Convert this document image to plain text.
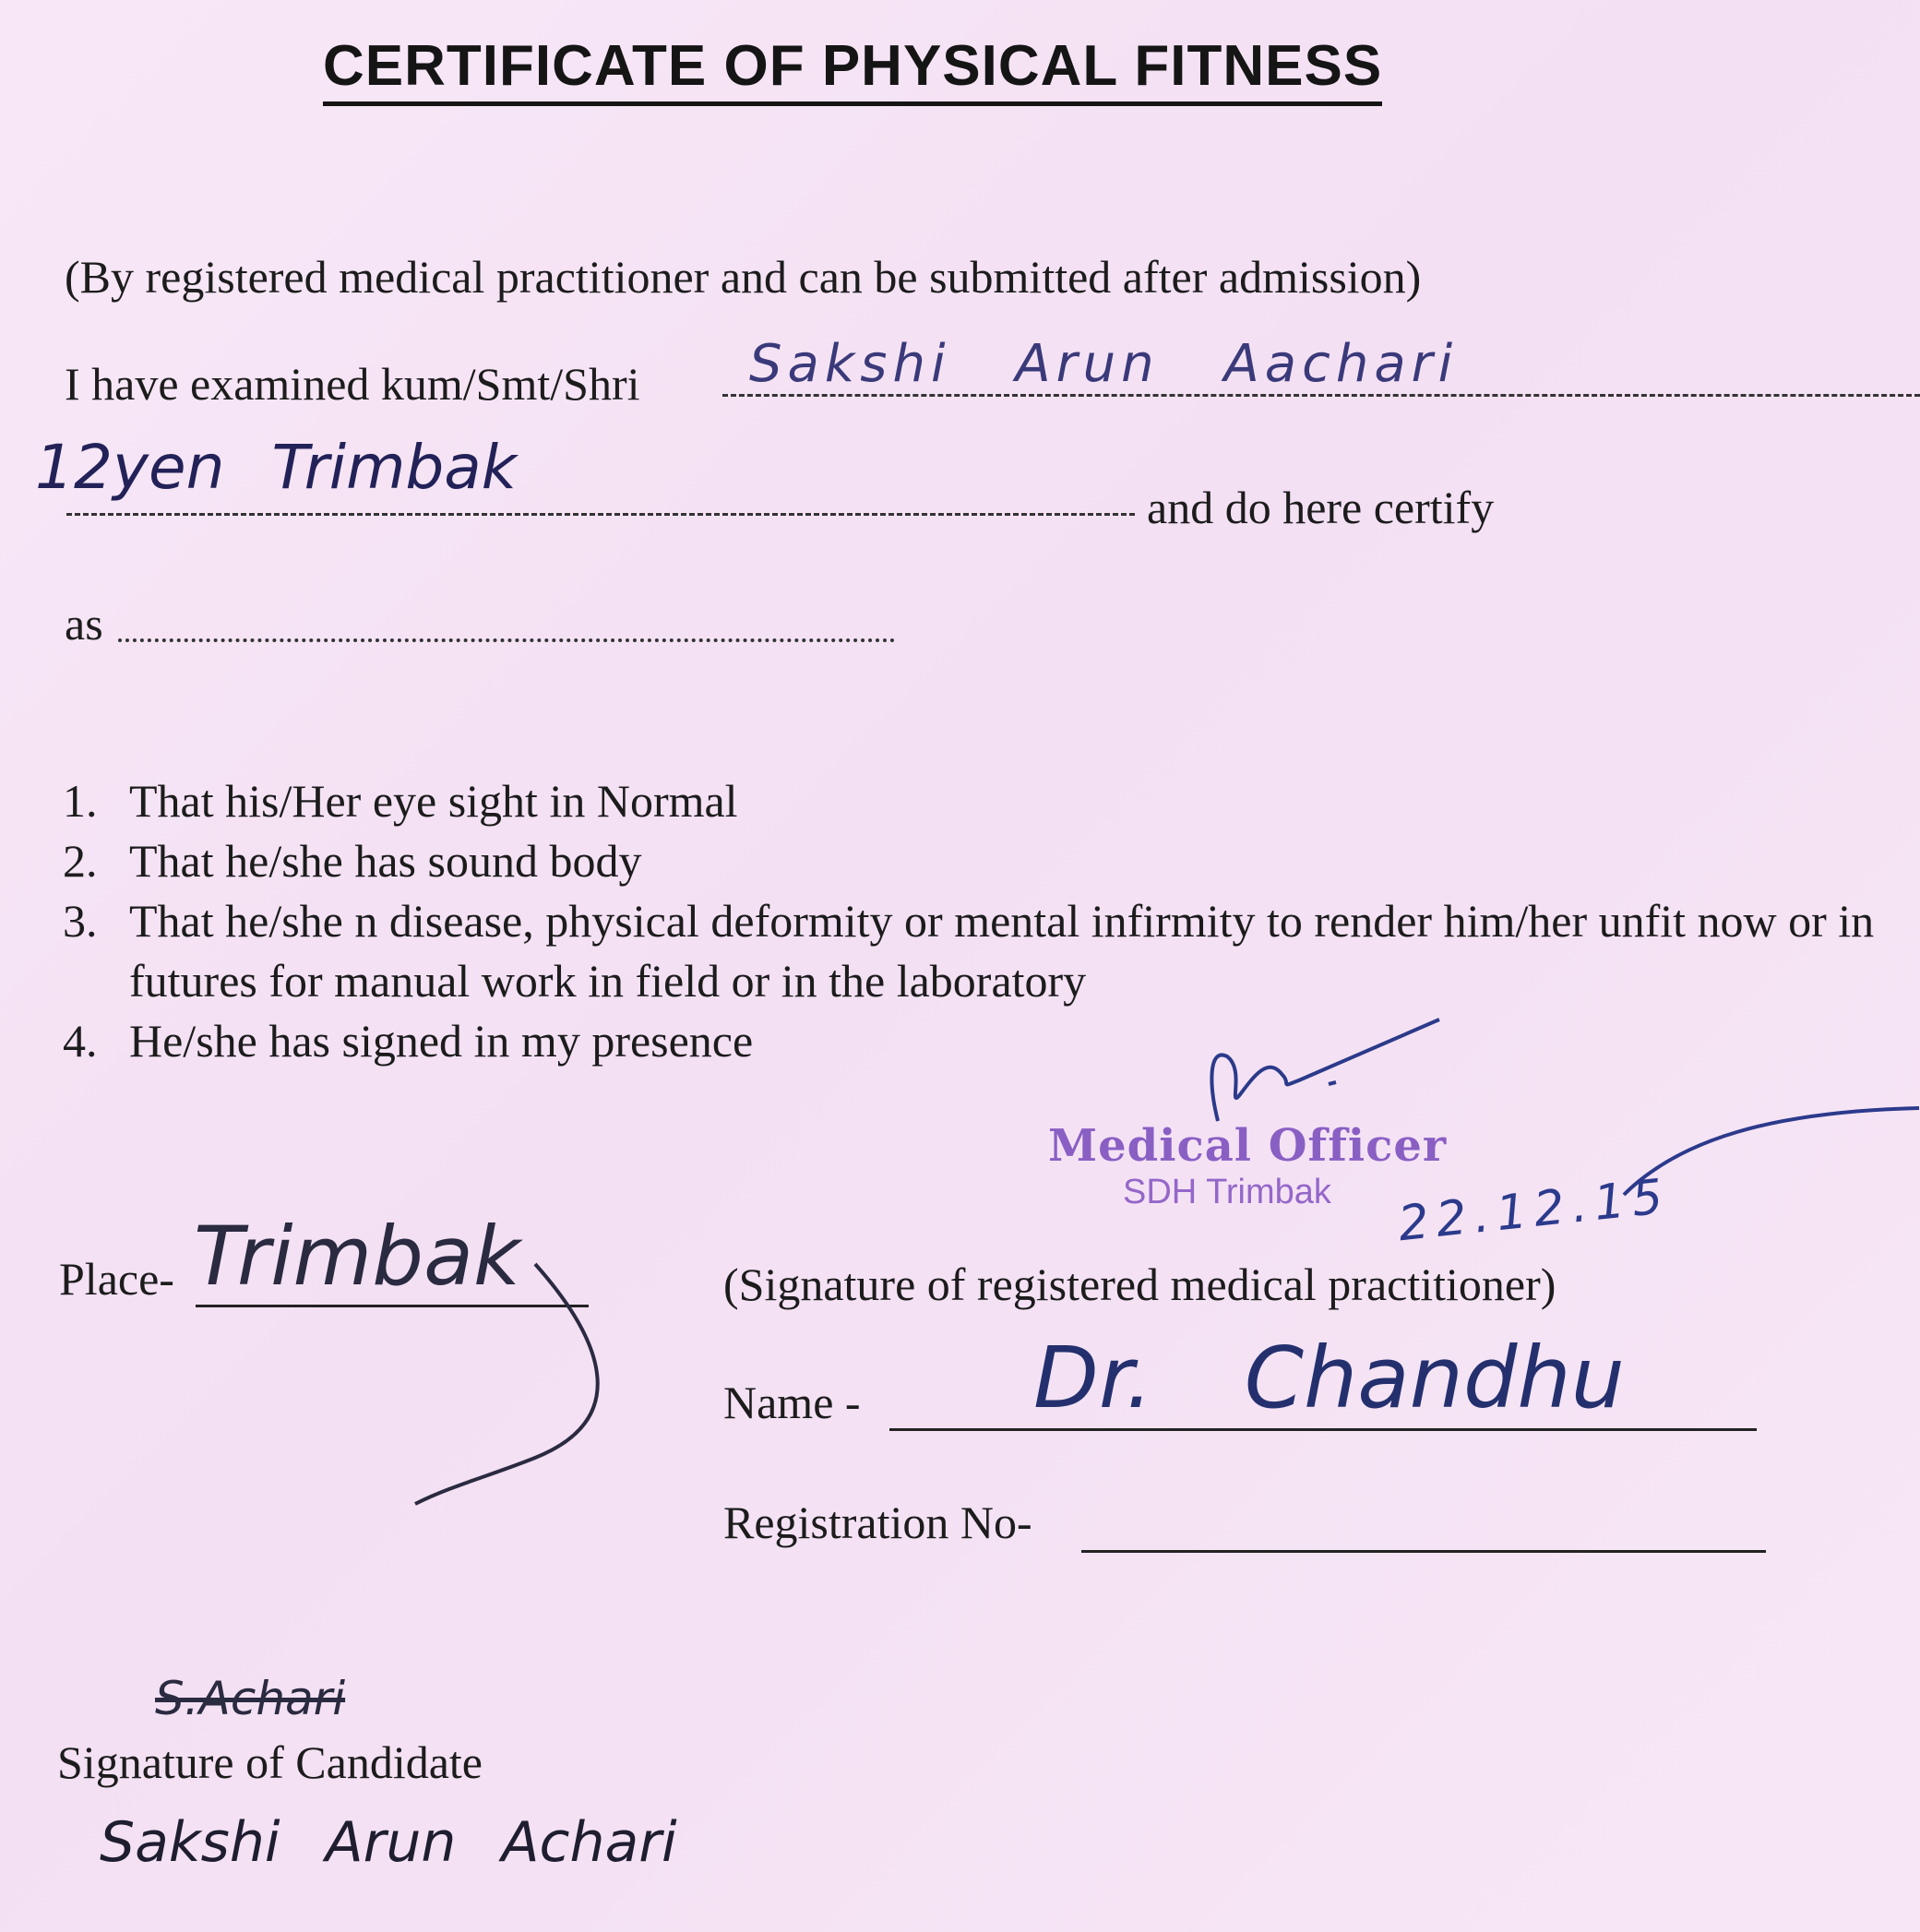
CERTIFICATE OF PHYSICAL FITNESS
(By registered medical practitioner and can be submitted after admission)
I have examined kum/Smt/Shri Sakshi Arun Aachari
12yen Trimbak
and do here certify
as
1. That his/Her eye sight in Normal
2. That he/she has sound body
3. That he/she n disease, physical deformity or mental infirmity to render him/her unfit now or in futures for manual work in field or in the laboratory
4. He/she has signed in my presence
Medical Officer
SDH Trimbak 22.12.15
Place- Trimbak	(Signature of registered medical practitioner)
Name - Dr. Chandhu
Registration No-
S.Achari
Signature of Candidate
Sakshi Arun Achari
